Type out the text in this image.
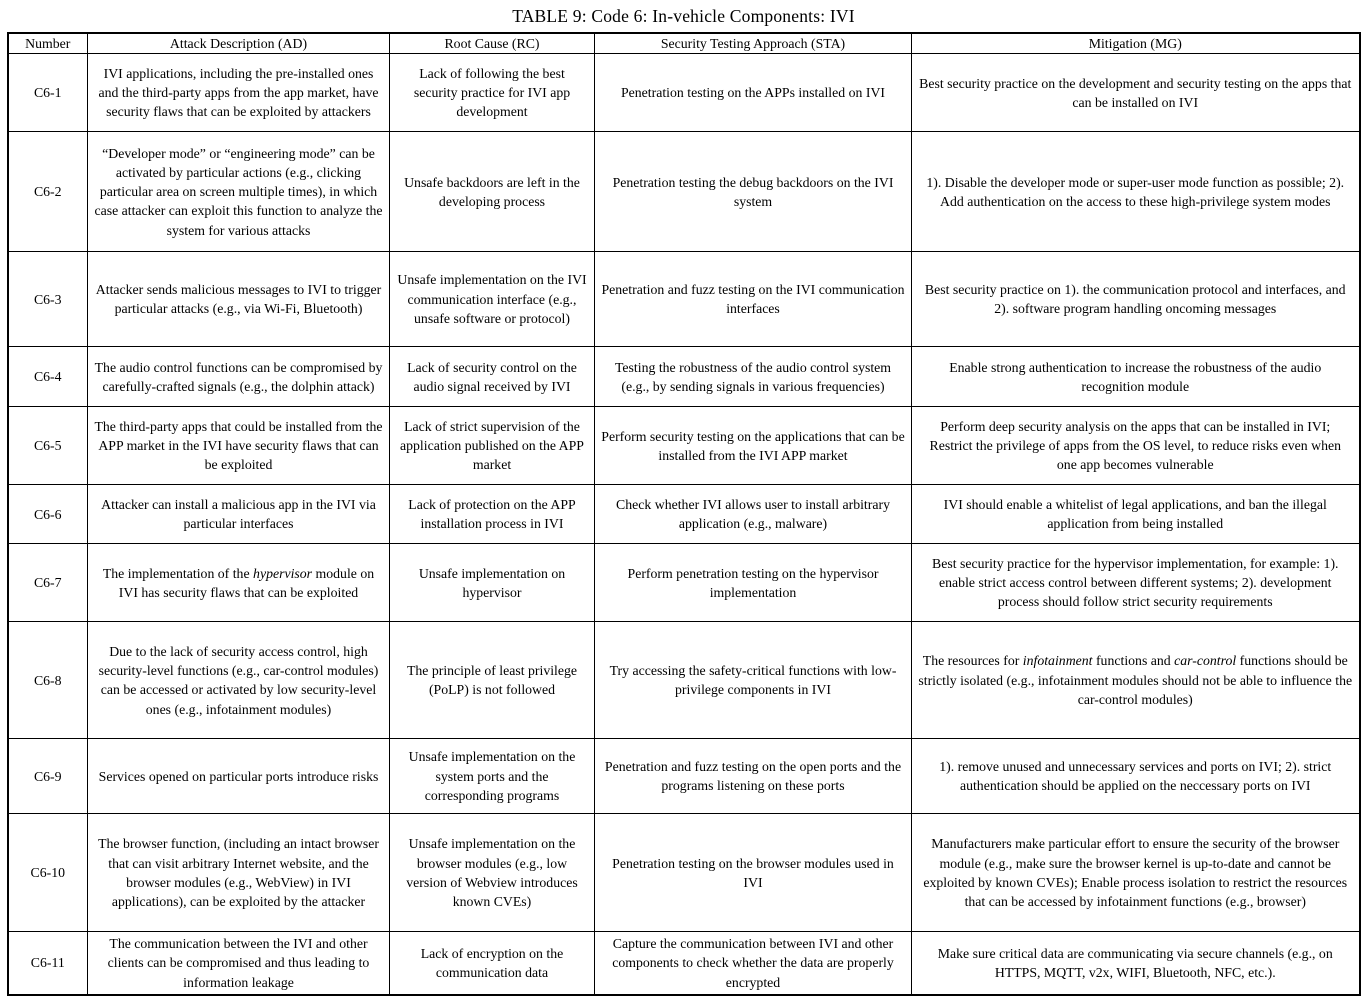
TABLE 9: Code 6: In-vehicle Components: IVI
Number	Attack Description (AD)	Root Cause (RC)	Security Testing Approach (STA)	Mitigation (MG)
C6-1	IVI applications, including the pre-installed ones and the third-party apps from the app market, have security flaws that can be exploited by attackers	Lack of following the best security practice for IVI app development	Penetration testing on the APPs installed on IVI	Best security practice on the development and security testing on the apps that can be installed on IVI
C6-2	“Developer mode” or “engineering mode” can be activated by particular actions (e.g., clicking particular area on screen multiple times), in which case attacker can exploit this function to analyze the system for various attacks	Unsafe backdoors are left in the developing process	Penetration testing the debug backdoors on the IVI system	1). Disable the developer mode or super-user mode function as possible; 2). Add authentication on the access to these high-privilege system modes
C6-3	Attacker sends malicious messages to IVI to trigger particular attacks (e.g., via Wi-Fi, Bluetooth)	Unsafe implementation on the IVI communication interface (e.g., unsafe software or protocol)	Penetration and fuzz testing on the IVI communication interfaces	Best security practice on 1). the communication protocol and interfaces, and 2). software program handling oncoming messages
C6-4	The audio control functions can be compromised by carefully-crafted signals (e.g., the dolphin attack)	Lack of security control on the audio signal received by IVI	Testing the robustness of the audio control system (e.g., by sending signals in various frequencies)	Enable strong authentication to increase the robustness of the audio recognition module
C6-5	The third-party apps that could be installed from the APP market in the IVI have security flaws that can be exploited	Lack of strict supervision of the application published on the APP market	Perform security testing on the applications that can be installed from the IVI APP market	Perform deep security analysis on the apps that can be installed in IVI; Restrict the privilege of apps from the OS level, to reduce risks even when one app becomes vulnerable
C6-6	Attacker can install a malicious app in the IVI via particular interfaces	Lack of protection on the APP installation process in IVI	Check whether IVI allows user to install arbitrary application (e.g., malware)	IVI should enable a whitelist of legal applications, and ban the illegal application from being installed
C6-7	The implementation of the hypervisor module on IVI has security flaws that can be exploited	Unsafe implementation on hypervisor	Perform penetration testing on the hypervisor implementation	Best security practice for the hypervisor implementation, for example: 1). enable strict access control between different systems; 2). development process should follow strict security requirements
C6-8	Due to the lack of security access control, high security-level functions (e.g., car-control modules) can be accessed or activated by low security-level ones (e.g., infotainment modules)	The principle of least privilege (PoLP) is not followed	Try accessing the safety-critical functions with low-privilege components in IVI	The resources for infotainment functions and car-control functions should be strictly isolated (e.g., infotainment modules should not be able to influence the car-control modules)
C6-9	Services opened on particular ports introduce risks	Unsafe implementation on the system ports and the corresponding programs	Penetration and fuzz testing on the open ports and the programs listening on these ports	1). remove unused and unnecessary services and ports on IVI; 2). strict authentication should be applied on the neccessary ports on IVI
C6-10	The browser function, (including an intact browser that can visit arbitrary Internet website, and the browser modules (e.g., WebView) in IVI applications), can be exploited by the attacker	Unsafe implementation on the browser modules (e.g., low version of Webview introduces known CVEs)	Penetration testing on the browser modules used in IVI	Manufacturers make particular effort to ensure the security of the browser module (e.g., make sure the browser kernel is up-to-date and cannot be exploited by known CVEs); Enable process isolation to restrict the resources that can be accessed by infotainment functions (e.g., browser)
C6-11	The communication between the IVI and other clients can be compromised and thus leading to information leakage	Lack of encryption on the communication data	Capture the communication between IVI and other components to check whether the data are properly encrypted	Make sure critical data are communicating via secure channels (e.g., on HTTPS, MQTT, v2x, WIFI, Bluetooth, NFC, etc.).
